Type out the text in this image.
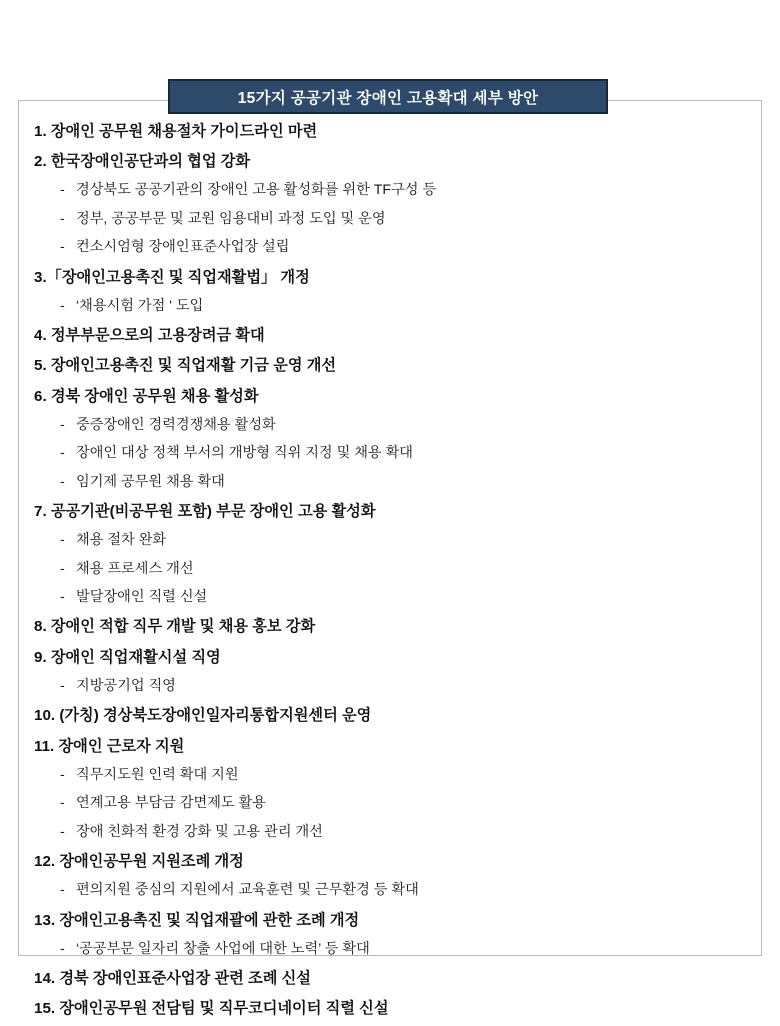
15가지 공공기관 장애인 고용확대 세부 방안
1. 장애인 공무원 채용절차 가이드라인 마련
2. 한국장애인공단과의 협업 강화
- 경상북도 공공기관의 장애인 고용 활성화를 위한 TF구성 등
- 정부, 공공부문 및 교원 임용대비 과정 도입 및 운영
- 컨소시엄형 장애인표준사업장 설립
3.「장애인고용촉진 및 직업재활법」 개정
- ‘채용시험 가점 ' 도입
4. 정부부문으로의 고용장려금 확대
5. 장애인고용촉진 및 직업재활 기금 운영 개선
6. 경북 장애인 공무원 채용 활성화
- 중증장애인 경력경쟁채용 활성화
- 장애인 대상 정책 부서의 개방형 직위 지정 및 채용 확대
- 임기제 공무원 채용 확대
7. 공공기관(비공무원 포함) 부문 장애인 고용 활성화
- 채용 절차 완화
- 채용 프로세스 개선
- 발달장애인 직렬 신설
8. 장애인 적합 직무 개발 및 채용 홍보 강화
9. 장애인 직업재활시설 직영
- 지방공기업 직영
10. (가칭) 경상북도장애인일자리통합지원센터 운영
11. 장애인 근로자 지원
- 직무지도원 인력 확대 지원
- 연계고용 부담금 감면제도 활용
- 장애 친화적 환경 강화 및 고용 관리 개선
12. 장애인공무원 지원조례 개정
- 편의지원 중심의 지원에서 교육훈련 및 근무환경 등 확대
13. 장애인고용촉진 및 직업재괄에 관한 조례 개정
- ‘공공부문 일자리 창출 사업에 대한 노력’ 등 확대
14. 경북 장애인표준사업장 관련 조례 신설
15. 장애인공무원 전담팀 및 직무코디네이터 직렬 신설
